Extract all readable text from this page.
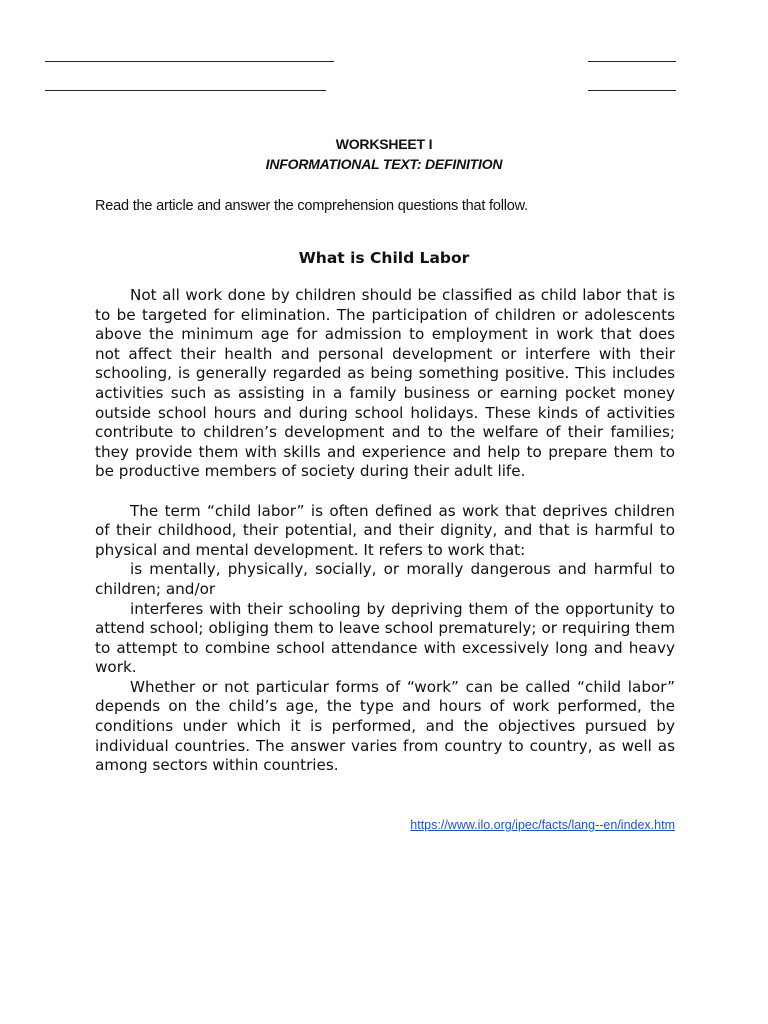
WORKSHEET I
INFORMATIONAL TEXT: DEFINITION
Read the article and answer the comprehension questions that follow.
What is Child Labor

Not all work done by children should be classified as child labor that is to be targeted for elimination. The participation of children or adolescents above the minimum age for admission to employment in work that does not affect their health and personal development or interfere with their schooling, is generally regarded as being something positive. This includes activities such as assisting in a family business or earning pocket money outside school hours and during school holidays. These kinds of activities contribute to children’s development and to the welfare of their families; they provide them with skills and experience and help to prepare them to be productive members of society during their adult life.

The term “child labor” is often defined as work that deprives children of their childhood, their potential, and their dignity, and that is harmful to physical and mental development. It refers to work that:

is mentally, physically, socially, or morally dangerous and harmful to children; and/or

interferes with their schooling by depriving them of the opportunity to attend school; obliging them to leave school prematurely; or requiring them to attempt to combine school attendance with excessively long and heavy work.

Whether or not particular forms of “work” can be called “child labor” depends on the child’s age, the type and hours of work performed, the conditions under which it is performed, and the objectives pursued by individual countries. The answer varies from country to country, as well as among sectors within countries.

https://www.ilo.org/ipec/facts/lang--en/index.htm
